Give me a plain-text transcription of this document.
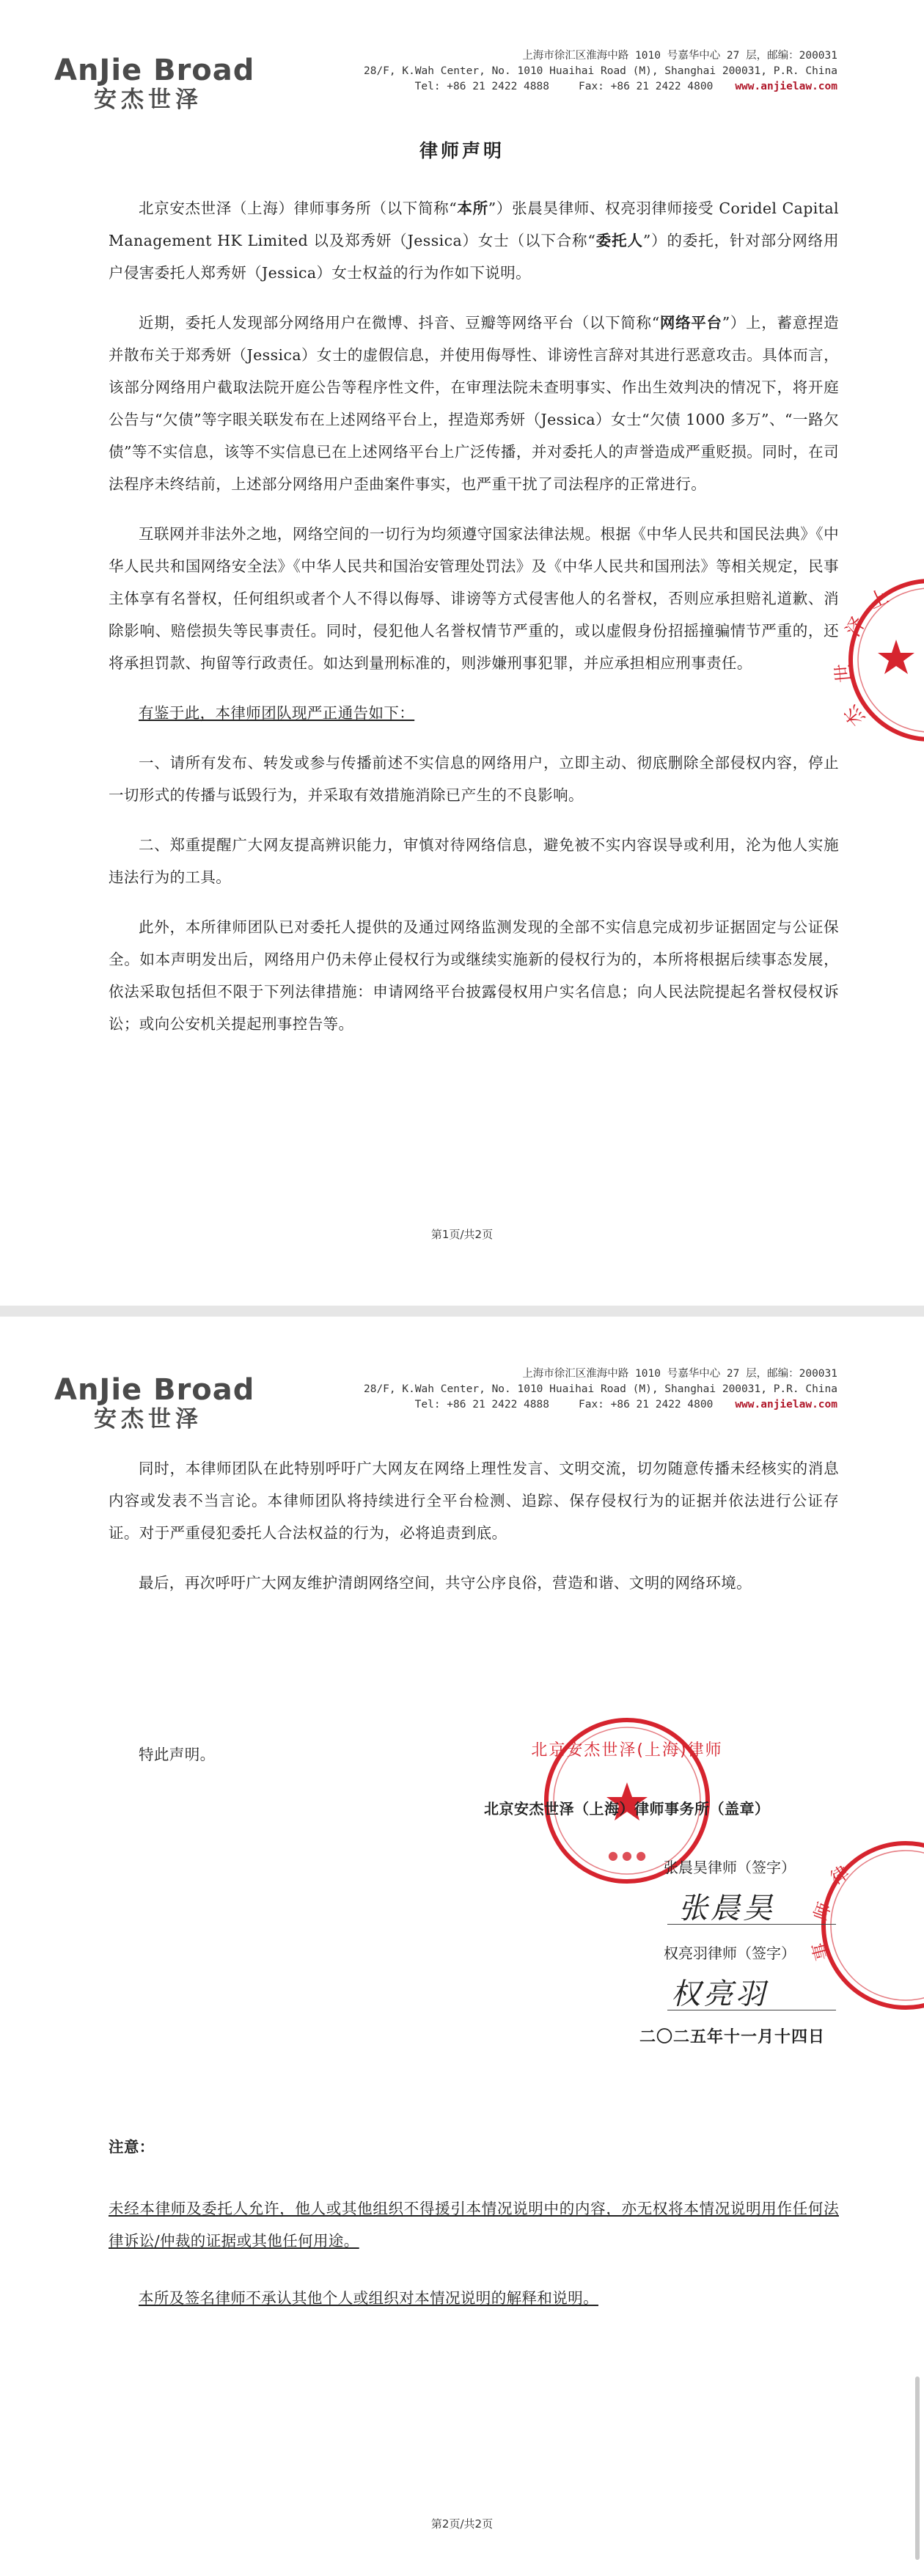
AnJie Broad
安杰世泽
上海市徐汇区淮海中路 1010 号嘉华中心 27 层，邮编：200031
28/F, K.Wah Center, No. 1010 Huaihai Road (M), Shanghai 200031, P.R. China
Tel: +86 21 2422 4888	Fax: +86 21 2422 4800 www.anjielaw.com
律师声明

北京安杰世泽（上海）律师事务所（以下简称“本所”）张晨昊律师、权亮羽律师接受 Coridel Capital Management HK Limited 以及郑秀妍（Jessica）女士（以下合称“委托人”）的委托，针对部分网络用户侵害委托人郑秀妍（Jessica）女士权益的行为作如下说明。

近期，委托人发现部分网络用户在微博、抖音、豆瓣等网络平台（以下简称“网络平台”）上，蓄意捏造并散布关于郑秀妍（Jessica）女士的虚假信息，并使用侮辱性、诽谤性言辞对其进行恶意攻击。具体而言，该部分网络用户截取法院开庭公告等程序性文件，在审理法院未查明事实、作出生效判决的情况下，将开庭公告与“欠债”等字眼关联发布在上述网络平台上，捏造郑秀妍（Jessica）女士“欠债 1000 多万”、“一路欠债”等不实信息，该等不实信息已在上述网络平台上广泛传播，并对委托人的声誉造成严重贬损。同时，在司法程序未终结前，上述部分网络用户歪曲案件事实，也严重干扰了司法程序的正常进行。

互联网并非法外之地，网络空间的一切行为均须遵守国家法律法规。根据《中华人民共和国民法典》《中华人民共和国网络安全法》《中华人民共和国治安管理处罚法》及《中华人民共和国刑法》等相关规定，民事主体享有名誉权，任何组织或者个人不得以侮辱、诽谤等方式侵害他人的名誉权，否则应承担赔礼道歉、消除影响、赔偿损失等民事责任。同时，侵犯他人名誉权情节严重的，或以虚假身份招摇撞骗情节严重的，还将承担罚款、拘留等行政责任。如达到量刑标准的，则涉嫌刑事犯罪，并应承担相应刑事责任。

有鉴于此，本律师团队现严正通告如下：

一、请所有发布、转发或参与传播前述不实信息的网络用户，立即主动、彻底删除全部侵权内容，停止一切形式的传播与诋毁行为，并采取有效措施消除已产生的不良影响。

二、郑重提醒广大网友提高辨识能力，审慎对待网络信息，避免被不实内容误导或利用，沦为他人实施违法行为的工具。

此外，本所律师团队已对委托人提供的及通过网络监测发现的全部不实信息完成初步证据固定与公证保全。如本声明发出后，网络用户仍未停止侵权行为或继续实施新的侵权行为的，本所将根据后续事态发展，依法采取包括但不限于下列法律措施：申请网络平台披露侵权用户实名信息；向人民法院提起名誉权侵权诉讼；或向公安机关提起刑事控告等。

上
泽
世
杰
第1页/共2页
AnJie Broad
安杰世泽
上海市徐汇区淮海中路 1010 号嘉华中心 27 层，邮编：200031
28/F, K.Wah Center, No. 1010 Huaihai Road (M), Shanghai 200031, P.R. China
Tel: +86 21 2422 4888	Fax: +86 21 2422 4800 www.anjielaw.com

同时，本律师团队在此特别呼吁广大网友在网络上理性发言、文明交流，切勿随意传播未经核实的消息内容或发表不当言论。本律师团队将持续进行全平台检测、追踪、保存侵权行为的证据并依法进行公证存证。对于严重侵犯委托人合法权益的行为，必将追责到底。

最后，再次呼吁广大网友维护清朗网络空间，共守公序良俗，营造和谐、文明的网络环境。

特此声明。	北京安杰世泽(上海)律师
● ● ●
律
师
事
北京安杰世泽（上海）律师事务所（盖章）
张晨昊律师（签字）
张晨昊
权亮羽律师（签字）
权亮羽
二〇二五年十一月十四日
注意：
未经本律师及委托人允许，他人或其他组织不得援引本情况说明中的内容，亦无权将本情况说明用作任何法律诉讼/仲裁的证据或其他任何用途。
本所及签名律师不承认其他个人或组织对本情况说明的解释和说明。
第2页/共2页
